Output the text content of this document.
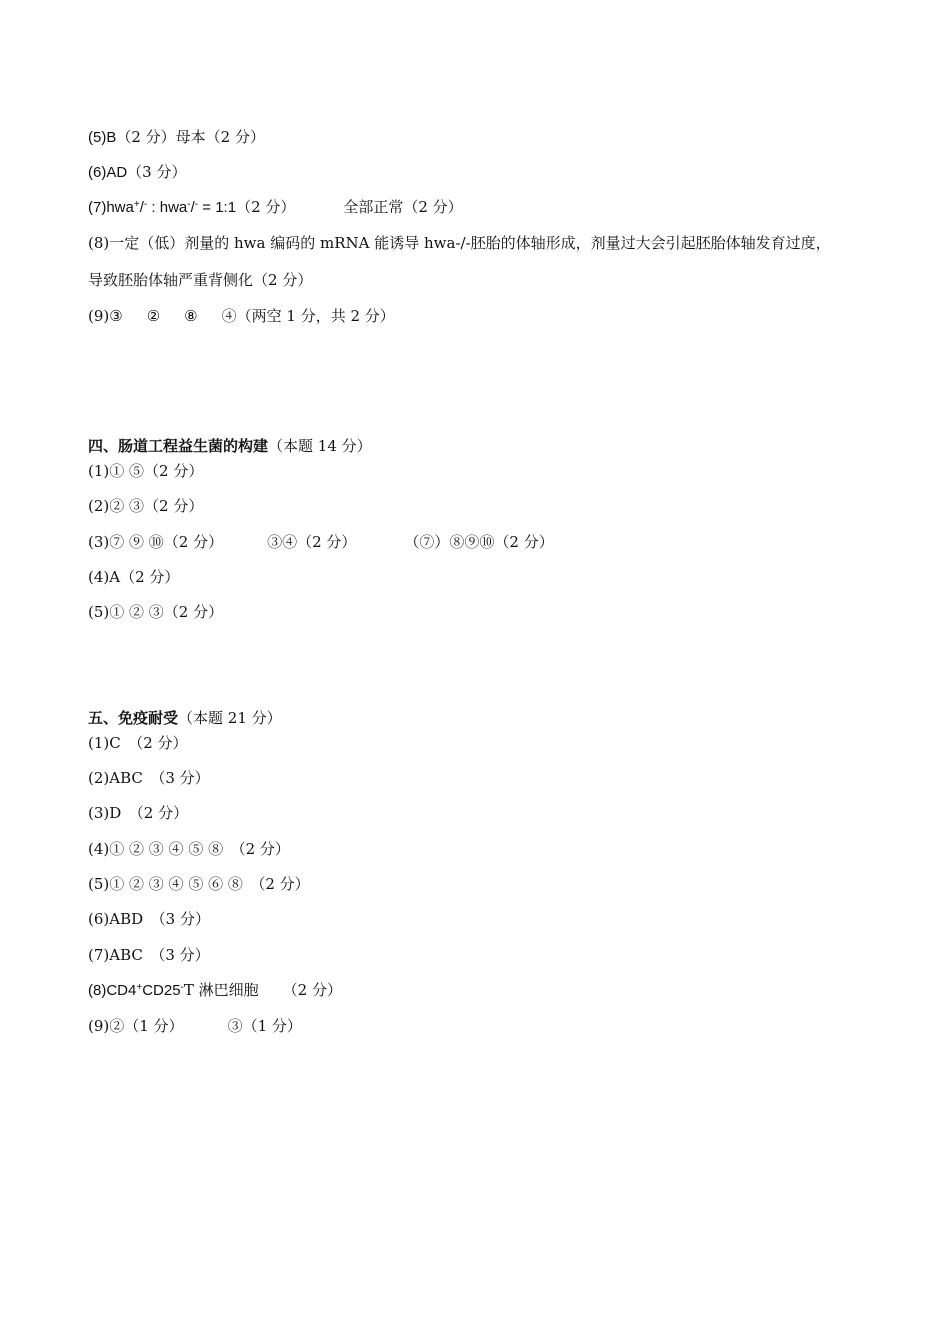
(5)B（2 分）母本（2 分）
(6)AD（3 分）
(7)hwa+/- : hwa-/- = 1:1（2 分）	全部正常（2 分）
(8)一定（低）剂量的 hwa 编码的 mRNA 能诱导 hwa-/-胚胎的体轴形成，剂量过大会引起胚胎体轴发育过度，
导致胚胎体轴严重背侧化（2 分）
(9)③ ② ⑧ ④（两空 1 分，共 2 分）
四、肠道工程益生菌的构建（本题 14 分）
(1)① ⑤（2 分）
(2)② ③（2 分）
(3)⑦ ⑨ ⑩（2 分）	③④（2 分）	（⑦）⑧⑨⑩（2 分）
(4)A（2 分）
(5)① ② ③（2 分）
五、免疫耐受（本题 21 分）
(1)C　（2 分）
(2)ABC　（3 分）
(3)D　（2 分）
(4)① ② ③ ④ ⑤ ⑧　（2 分）
(5)① ② ③ ④ ⑤ ⑥ ⑧　（2 分）
(6)ABD　（3 分）
(7)ABC　（3 分）
(8)CD4+CD25-T 淋巴细胞 （2 分）
(9)②（1 分）	③（1 分）
